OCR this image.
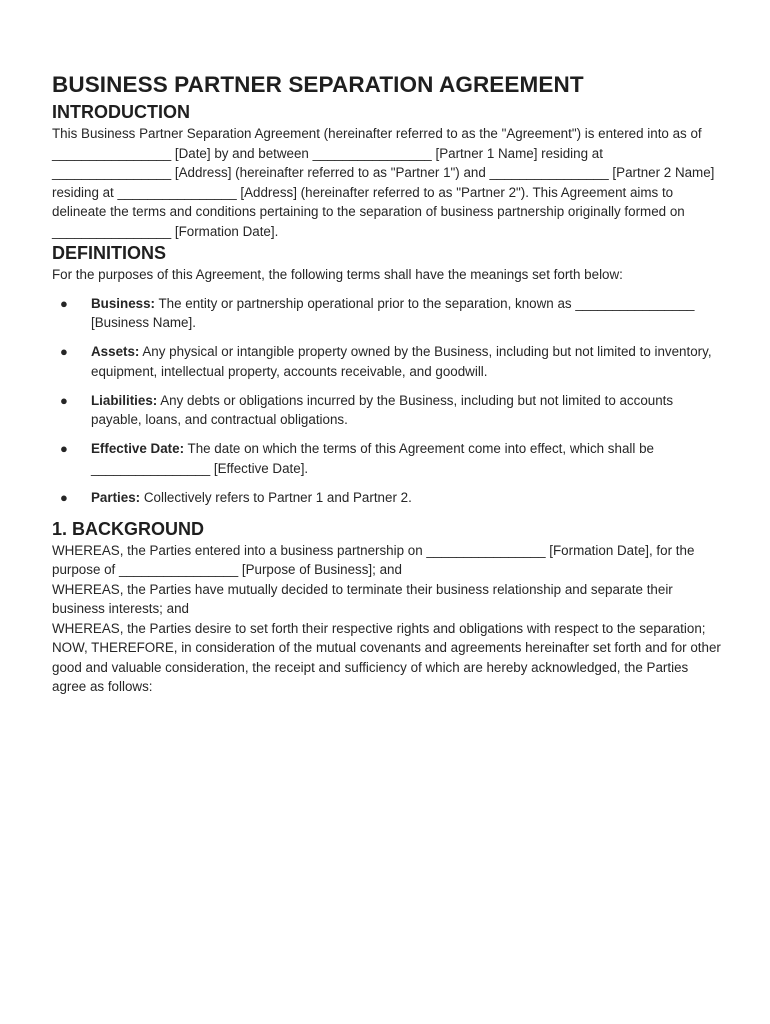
BUSINESS PARTNER SEPARATION AGREEMENT
INTRODUCTION

This Business Partner Separation Agreement (hereinafter referred to as the "Agreement") is entered into as of ________________ [Date] by and between ________________ [Partner 1 Name] residing at ________________ [Address] (hereinafter referred to as "Partner 1") and ________________ [Partner 2 Name] residing at ________________ [Address] (hereinafter referred to as "Partner 2"). This Agreement aims to delineate the terms and conditions pertaining to the separation of business partnership originally formed on ________________ [Formation Date].

DEFINITIONS

For the purposes of this Agreement, the following terms shall have the meanings set forth below:

● Business: The entity or partnership operational prior to the separation, known as ________________ [Business Name].
● Assets: Any physical or intangible property owned by the Business, including but not limited to inventory, equipment, intellectual property, accounts receivable, and goodwill.
● Liabilities: Any debts or obligations incurred by the Business, including but not limited to accounts payable, loans, and contractual obligations.
● Effective Date: The date on which the terms of this Agreement come into effect, which shall be ________________ [Effective Date].
● Parties: Collectively refers to Partner 1 and Partner 2.
1. BACKGROUND

WHEREAS, the Parties entered into a business partnership on ________________ [Formation Date], for the purpose of ________________ [Purpose of Business]; and

WHEREAS, the Parties have mutually decided to terminate their business relationship and separate their business interests; and

WHEREAS, the Parties desire to set forth their respective rights and obligations with respect to the separation;

NOW, THEREFORE, in consideration of the mutual covenants and agreements hereinafter set forth and for other good and valuable consideration, the receipt and sufficiency of which are hereby acknowledged, the Parties agree as follows:
